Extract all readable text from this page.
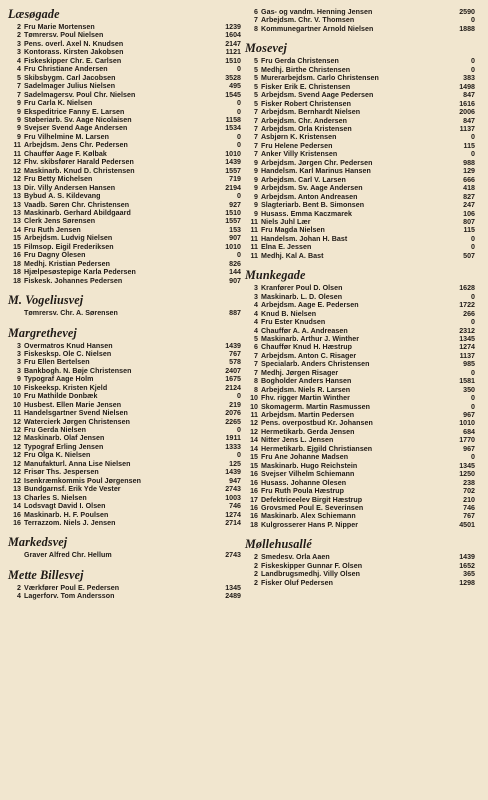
Læsøgade
2 Fru Marie Mortensen	1239
2 Tømrersv. Poul Nielsen	1604
3 Pens. overl. Axel N. Knudsen	2147
3 Kontorass. Kirsten Jakobsen	1121
4 Fiskeskipper Chr. E. Carlsen	1510
4 Fru Christiane Andersen	0
5 Skibsbygm. Carl Jacobsen	3528
7 Sadelmager Julius Nielsen	495
7 Sadelmagersv. Poul Chr. Nielsen	1545
9 Fru Carla K. Nielsen	0
9 Ekspeditrice Fanny E. Larsen	0
9 Støberiarb. Sv. Aage Nicolaisen	1158
9 Svejser Svend Aage Andersen	1534
9 Fru Vilhelmine M. Larsen	0
11 Arbejdsm. Jens Chr. Pedersen	0
11 Chauffør Aage F. Kølbak	1010
12 Fhv. skibsfører Harald Pedersen	1439
12 Maskinarb. Knud D. Christensen	1557
12 Fru Betty Michelsen	719
13 Dir. Villy Andersen Hansen	2194
13 Bybud A. S. Kildevang	0
13 Vaadb. Søren Chr. Christensen	927
13 Maskinarb. Gerhard Abildgaard	1510
13 Clerk Jens Sørensen	1557
14 Fru Ruth Jensen	153
15 Arbejdsm. Ludvig Nielsen	907
15 Filmsop. Eigil Frederiksen	1010
16 Fru Dagny Olesen	0
18 Medhj. Kristian Pedersen	826
18 Hjælpesøstepige Karla Pedersen	144
18 Fiskesk. Johannes Pedersen	907
M. Vogeliusvej
Tømrersv. Chr. A. Sørensen	887
Margrethevej
3 Overmatros Knud Hansen	1439
3 Fiskesksp. Ole C. Nielsen	767
3 Fru Ellen Bertelsen	578
3 Bankbogh. N. Bøje Christensen	2407
9 Typograf Aage Holm	1675
10 Fiskeeksp. Kristen Kjeld	2124
10 Fru Mathilde Donbæk	0
10 Husbest. Ellen Marie Jensen	219
11 Handelsgartner Svend Nielsen	2076
12 Watercierk Jørgen Christensen	2265
12 Fru Gerda Nielsen	0
12 Maskinarb. Olaf Jensen	1911
12 Typograf Erling Jensen	1333
12 Fru Olga K. Nielsen	0
12 Manufakturl. Anna Lise Nielsen	125
12 Frisør Ths. Jespersen	1439
12 Isenkræmkommis Poul Jørgensen	947
13 Bundgarnsf. Erik Yde Vester	2743
13 Charles S. Nielsen	1003
14 Lodsvagt David I. Olsen	746
16 Maskinarb. H. F. Poulsen	1274
16 Terrazzom. Niels J. Jensen	2714
Markedsvej
Graver Alfred Chr. Hellum	2743
Mette Billesvej
2 Værkfører Poul E. Pedersen	1345
4 Lagerforv. Tom Andersson	2489
6 Gas- og vandm. Henning Jensen	2590
7 Arbejdsm. Chr. V. Thomsen	0
8 Kommunegartner Arnold Nielsen	1888
Mosevej
5 Fru Gerda Christensen	0
5 Medhj. Birthe Christensen	0
5 Murerarbejdsm. Carlo Christensen	383
5 Fisker Erik E. Christensen	1498
5 Arbejdsm. Svend Aage Pedersen	847
5 Fisker Robert Christensen	1616
7 Arbejdsm. Bernhardt Nielsen	2006
7 Arbejdsm. Chr. Andersen	847
7 Arbejdsm. Orla Kristensen	1137
7 Asbjørn K. Kristensen	0
7 Fru Helene Pedersen	115
7 Anker Villy Kristensen	0
9 Arbejdsm. Jørgen Chr. Pedersen	988
9 Handelsm. Karl Marinus Hansen	129
9 Arbejdsm. Carl V. Larsen	666
9 Arbejdsm. Sv. Aage Andersen	418
9 Arbejdsm. Anton Andreasen	827
9 Slagteriarb. Bent B. Simonsen	247
9 Husass. Emma Kaczmarek	106
11 Niels Juhl Lær	807
11 Fru Magda Nielsen	115
11 Handelsm. Johan H. Bast	0
11 Elna E. Jessen	0
11 Medhj. Kal A. Bast	507
Munkegade
3 Kranfører Poul D. Olsen	1628
3 Maskinarb. L. D. Olesen	0
4 Arbejdsm. Aage E. Pedersen	1722
4 Knud B. Nielsen	266
4 Fru Ester Knudsen	0
4 Chauffør A. A. Andreasen	2312
5 Maskinarb. Arthur J. Winther	1345
6 Chauffør Knud H. Hæstrup	1274
7 Arbejdsm. Anton C. Risager	1137
7 Specialarb. Anders Christensen	985
7 Medhj. Jørgen Risager	0
8 Bogholder Anders Hansen	1581
8 Arbejdsm. Niels R. Larsen	350
10 Fhv. rigger Martin Winther	0
10 Skomagerm. Martin Rasmussen	0
11 Arbejdsm. Martin Pedersen	967
12 Pens. overpostbud Kr. Johansen	1010
12 Hermetikarb. Gerda Jensen	684
14 Nitter Jens L. Jensen	1770
14 Hermetikarb. Ejgild Christiansen	967
15 Fru Ane Johanne Madsen	0
15 Maskinarb. Hugo Reichstein	1345
16 Svejser Vilhelm Schiemann	1250
16 Husass. Johanne Olesen	238
16 Fru Ruth Poula Hæstrup	702
17 Defektriceelev Birgit Hæstrup	210
16 Grovsmed Poul E. Severinsen	746
16 Maskinarb. Alex Schiemann	767
18 Kulgrosserer Hans P. Nipper	4501
Møllehusallé
2 Smedesv. Orla Aaen	1439
2 Fiskeskipper Gunnar F. Olsen	1652
2 Landbrugsmedhj. Villy Olsen	365
2 Fisker Oluf Pedersen	1298
